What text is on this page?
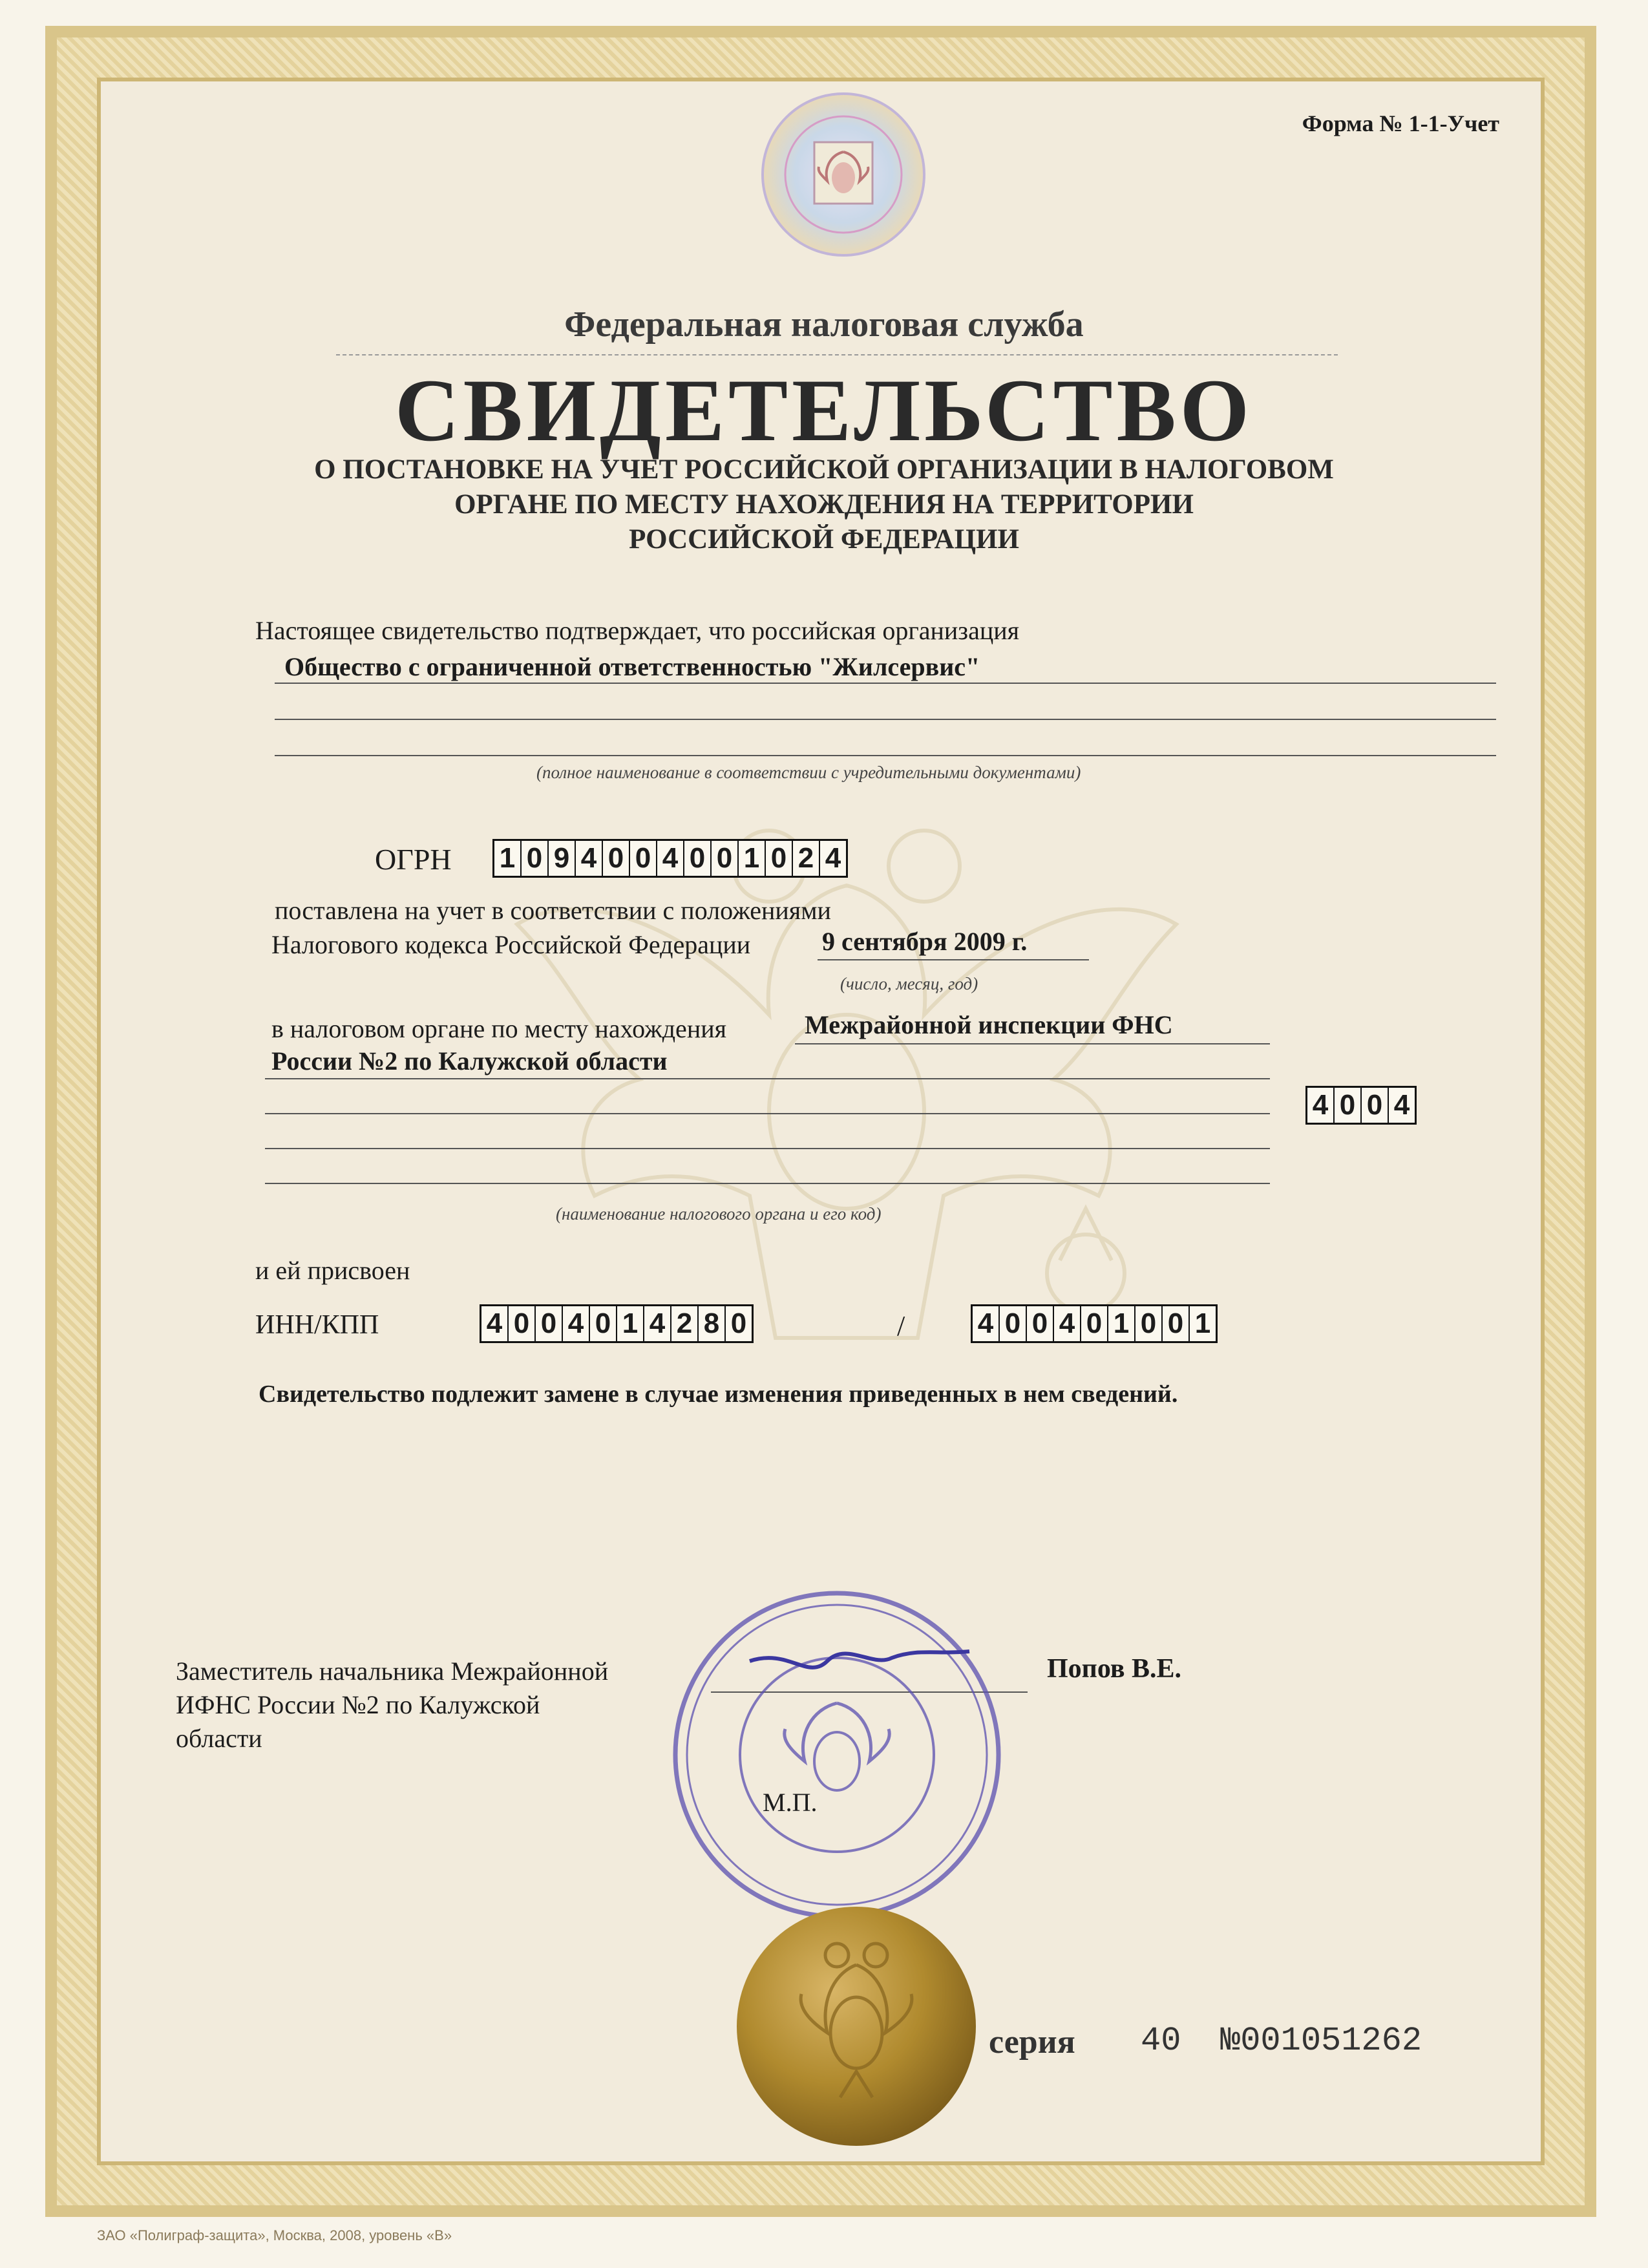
Форма № 1-1-Учет
Федеральная налоговая служба
СВИДЕТЕЛЬСТВО
О ПОСТАНОВКЕ НА УЧЕТ РОССИЙСКОЙ ОРГАНИЗАЦИИ В НАЛОГОВОМ
ОРГАНЕ ПО МЕСТУ НАХОЖДЕНИЯ НА ТЕРРИТОРИИ
РОССИЙСКОЙ ФЕДЕРАЦИИ
Настоящее свидетельство подтверждает, что российская организация
Общество с ограниченной ответственностью "Жилсервис"
(полное наименование в соответствии с учредительными документами)
ОГРН 1 0 9 4 0 0 4 0 0 1 0 2 4
поставлена на учет в соответствии с положениями
Налогового кодекса Российской Федерации	9 сентября 2009 г.
(число, месяц, год)
в налоговом органе по месту нахождения	Межрайонной инспекции ФНС
России №2 по Калужской области
4 0 0 4
(наименование налогового органа и его код)
и ей присвоен
ИНН/КПП	4 0 0 4 0 1 4 2 8 0	/	4 0 0 4 0 1 0 0 1
Свидетельство подлежит замене в случае изменения приведенных в нем сведений.
Заместитель начальника Межрайонной
ИФНС России №2 по Калужской
области
Попов В.Е.
М.П.
серия 40 №001051262
ЗАО «Полиграф-защита», Москва, 2008, уровень «В»
